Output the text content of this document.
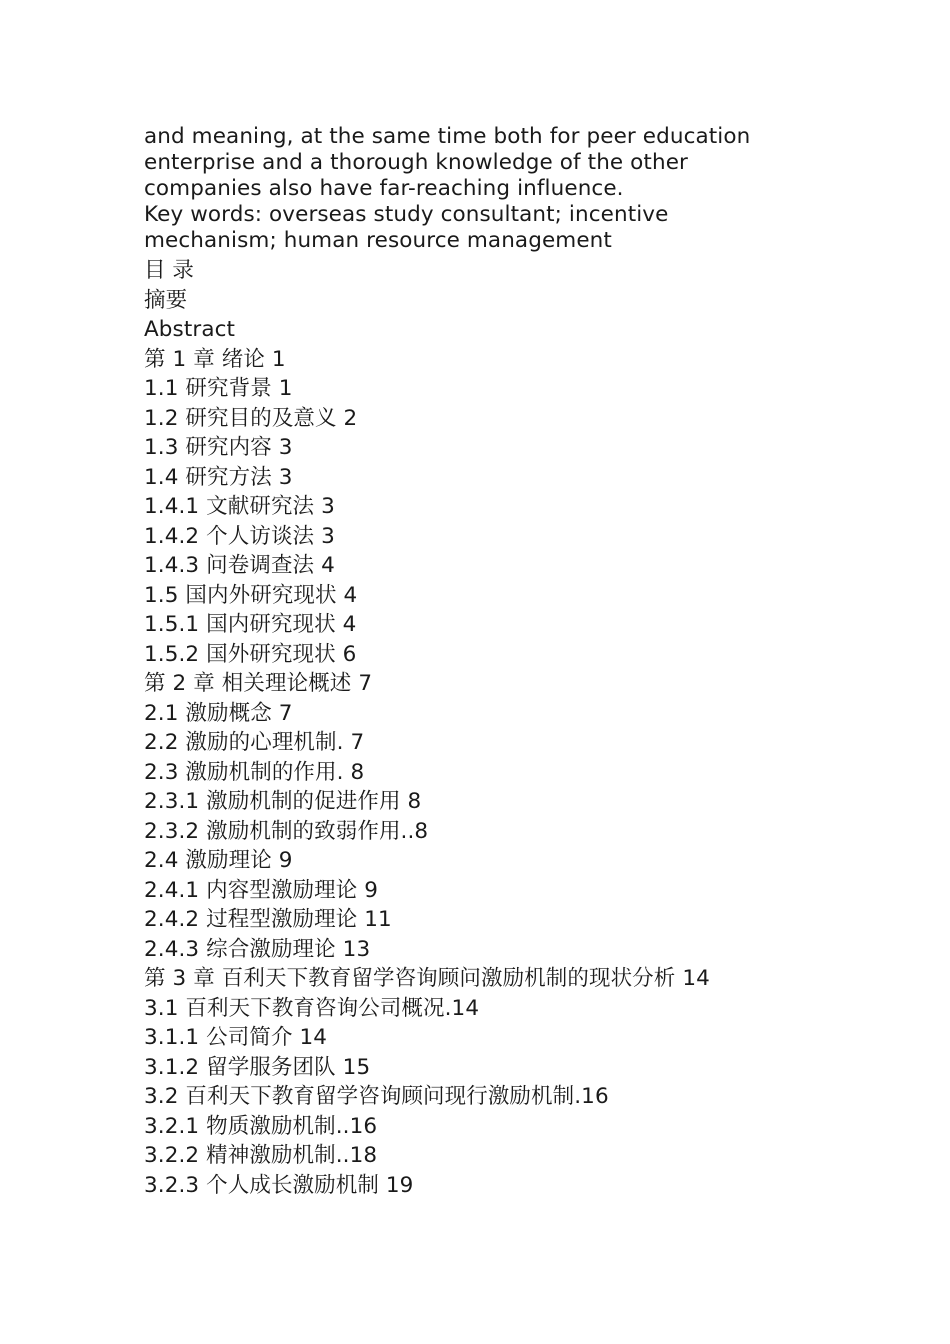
and meaning, at the same time both for peer education
enterprise and a thorough knowledge of the other
companies also have far-reaching influence.
Key words: overseas study consultant; incentive
mechanism; human resource management
目 录
摘要
Abstract
第 1 章 绪论 1
1.1 研究背景 1
1.2 研究目的及意义 2
1.3 研究内容 3
1.4 研究方法 3
1.4.1 文献研究法 3
1.4.2 个人访谈法 3
1.4.3 问卷调查法 4
1.5 国内外研究现状 4
1.5.1 国内研究现状 4
1.5.2 国外研究现状 6
第 2 章 相关理论概述 7
2.1 激励概念 7
2.2 激励的心理机制. 7
2.3 激励机制的作用. 8
2.3.1 激励机制的促进作用 8
2.3.2 激励机制的致弱作用..8
2.4 激励理论 9
2.4.1 内容型激励理论 9
2.4.2 过程型激励理论 11
2.4.3 综合激励理论 13
第 3 章 百利天下教育留学咨询顾问激励机制的现状分析 14
3.1 百利天下教育咨询公司概况.14
3.1.1 公司简介 14
3.1.2 留学服务团队 15
3.2 百利天下教育留学咨询顾问现行激励机制.16
3.2.1 物质激励机制..16
3.2.2 精神激励机制..18
3.2.3 个人成长激励机制 19
